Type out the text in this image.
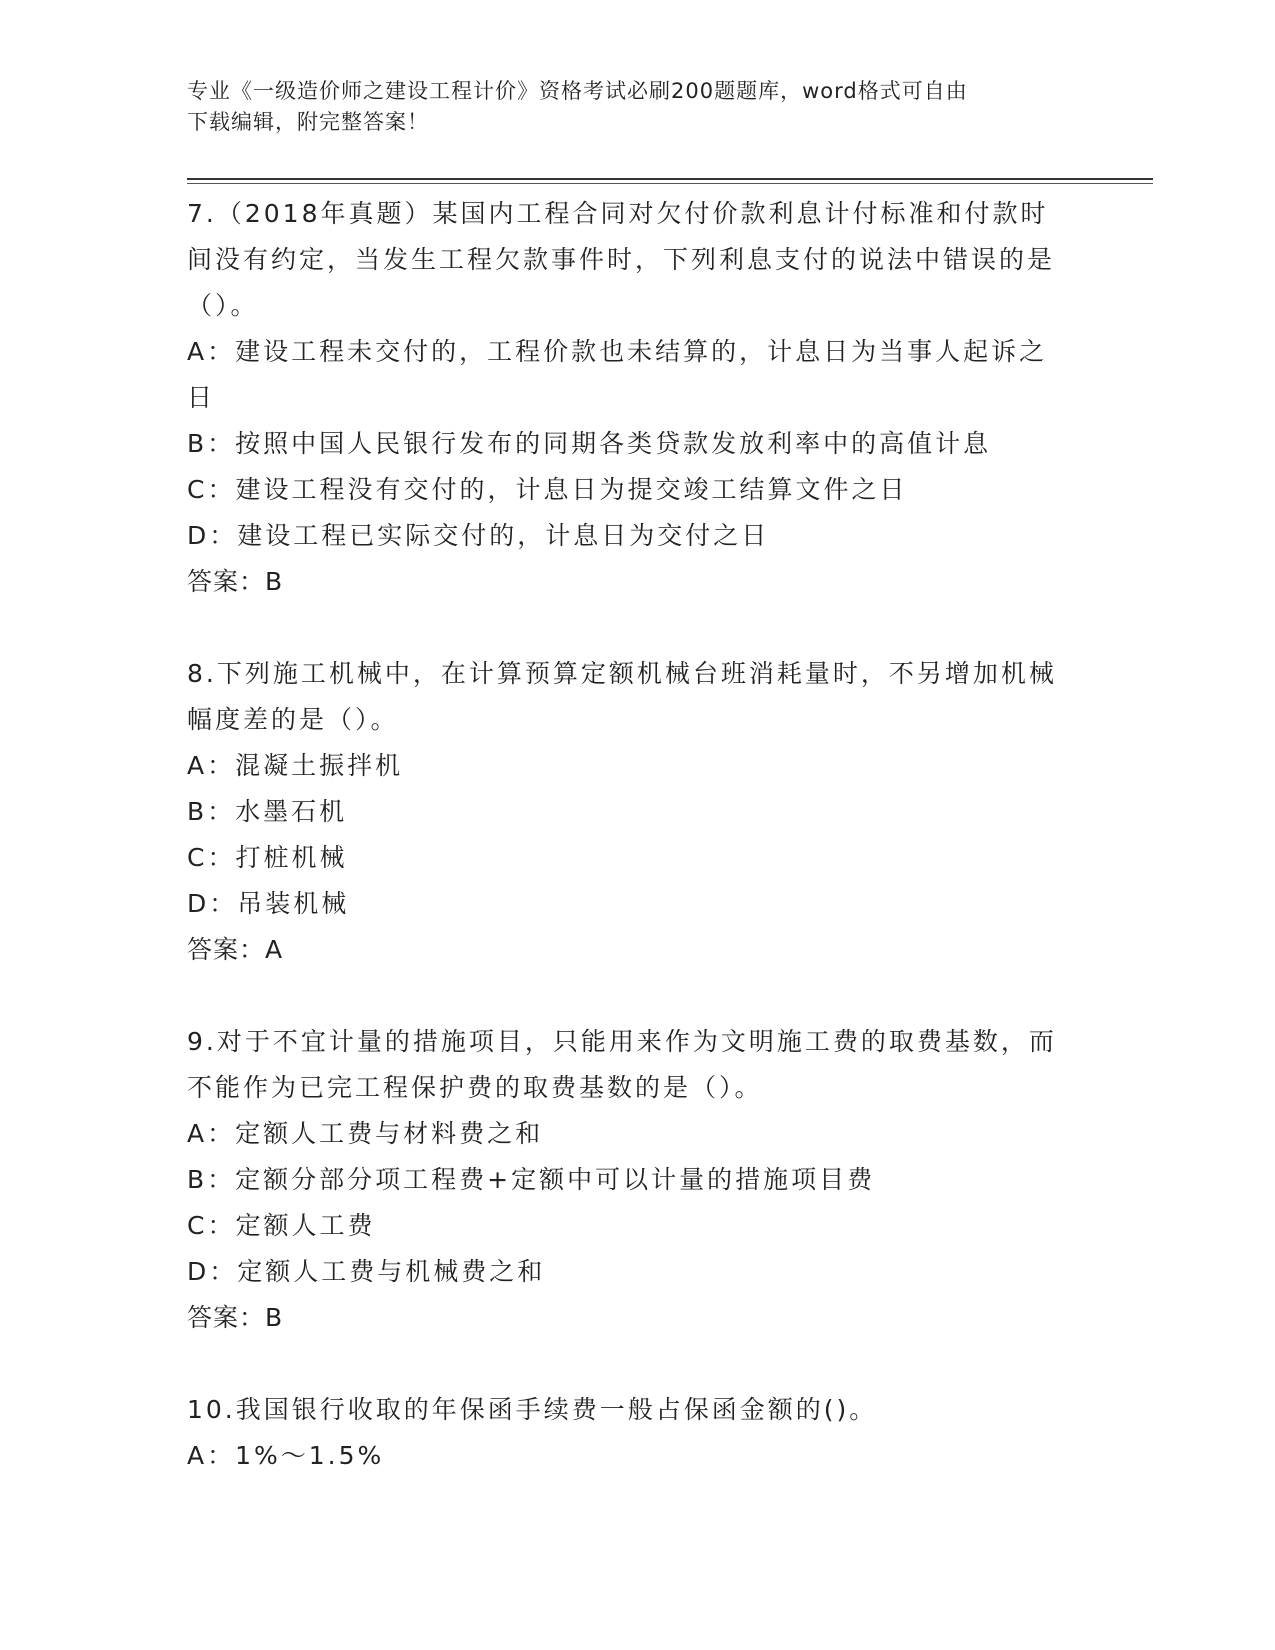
专业《一级造价师之建设工程计价》资格考试必刷200题题库，word格式可自由
下载编辑，附完整答案！

7.（2018年真题）某国内工程合同对欠付价款利息计付标准和付款时间没有约定，当发生工程欠款事件时，下列利息支付的说法中错误的是（）。

A：建设工程未交付的，工程价款也未结算的，计息日为当事人起诉之日

B：按照中国人民银行发布的同期各类贷款发放利率中的高值计息

C：建设工程没有交付的，计息日为提交竣工结算文件之日

D：建设工程已实际交付的，计息日为交付之日

答案：B

8.下列施工机械中，在计算预算定额机械台班消耗量时，不另增加机械幅度差的是（）。

A：混凝土振拌机

B：水墨石机

C：打桩机械

D：吊装机械

答案：A

9.对于不宜计量的措施项目，只能用来作为文明施工费的取费基数，而不能作为已完工程保护费的取费基数的是（）。

A：定额人工费与材料费之和

B：定额分部分项工程费+定额中可以计量的措施项目费

C：定额人工费

D：定额人工费与机械费之和

答案：B

10.我国银行收取的年保函手续费一般占保函金额的()。

A：1%～1.5%
